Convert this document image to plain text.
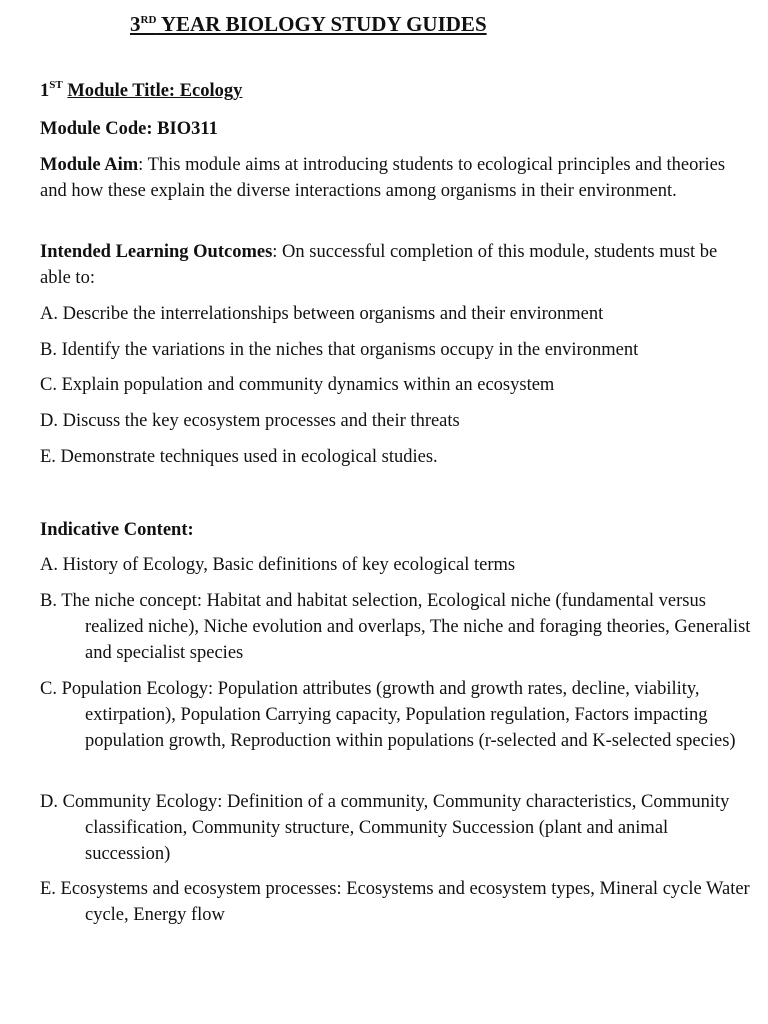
3RD YEAR BIOLOGY STUDY GUIDES

1ST Module Title: Ecology

Module Code: BIO311

Module Aim: This module aims at introducing students to ecological principles and theories and how these explain the diverse interactions among organisms in their environment.

Intended Learning Outcomes: On successful completion of this module, students must be able to:

A. Describe the interrelationships between organisms and their environment

B. Identify the variations in the niches that organisms occupy in the environment

C. Explain population and community dynamics within an ecosystem

D. Discuss the key ecosystem processes and their threats

E. Demonstrate techniques used in ecological studies.

Indicative Content:

A. History of Ecology, Basic definitions of key ecological terms

B. The niche concept: Habitat and habitat selection, Ecological niche (fundamental versus realized niche), Niche evolution and overlaps, The niche and foraging theories, Generalist and specialist species

C. Population Ecology: Population attributes (growth and growth rates, decline, viability, extirpation), Population Carrying capacity, Population regulation, Factors impacting population growth, Reproduction within populations (r-selected and K-selected species)

D. Community Ecology: Definition of a community, Community characteristics, Community classification, Community structure, Community Succession (plant and animal succession)

E. Ecosystems and ecosystem processes: Ecosystems and ecosystem types, Mineral cycle Water cycle, Energy flow
